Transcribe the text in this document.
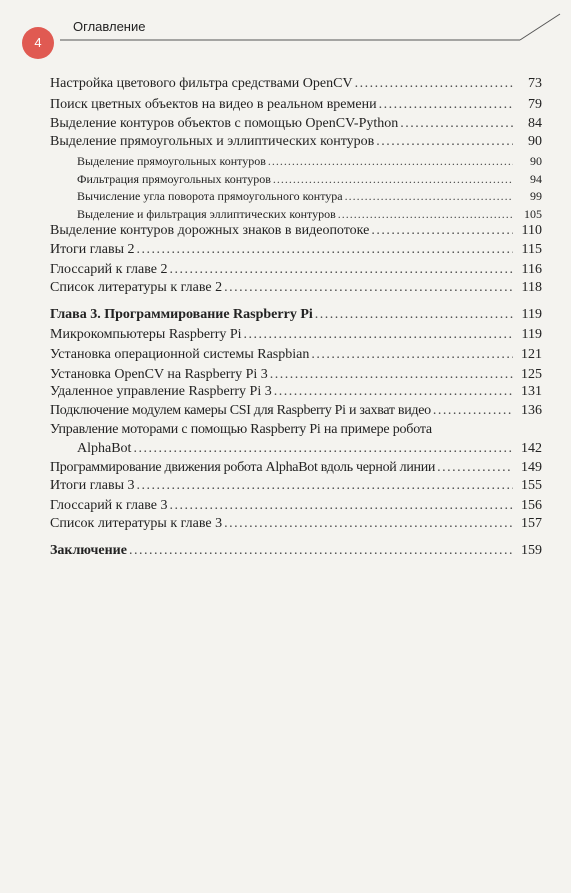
4
Оглавление
Настройка цветового фильтра средствами OpenCV . . .	73
Поиск цветных объектов на видео в реальном времени . . .	79
Выделение контуров объектов с помощью OpenCV-Python . . .	84
Выделение прямоугольных и эллиптических контуров . . .	90
Выделение прямоугольных контуров . . .	90
Фильтрация прямоугольных контуров . . .	94
Вычисление угла поворота прямоугольного контура . . .	99
Выделение и фильтрация эллиптических контуров . . .	105
Выделение контуров дорожных знаков в видеопотоке . . .	110
Итоги главы 2 . . .	115
Глоссарий к главе 2 . . .	116
Список литературы к главе 2 . . .	118
Глава 3. Программирование Raspberry Pi . . .	119
Микрокомпьютеры Raspberry Pi . . .	119
Установка операционной системы Raspbian . . .	121
Установка OpenCV на Raspberry Pi 3 . . .	125
Удаленное управление Raspberry Pi 3 . . .	131
Подключение модулем камеры CSI для Raspberry Pi и захват видео . . .	136
Управление моторами с помощью Raspberry Pi на примере робота
AlphaBot . . .	142
Программирование движения робота AlphaBot вдоль черной линии . . .	149
Итоги главы 3 . . .	155
Глоссарий к главе 3 . . .	156
Список литературы к главе 3 . . .	157
Заключение . . .	159
